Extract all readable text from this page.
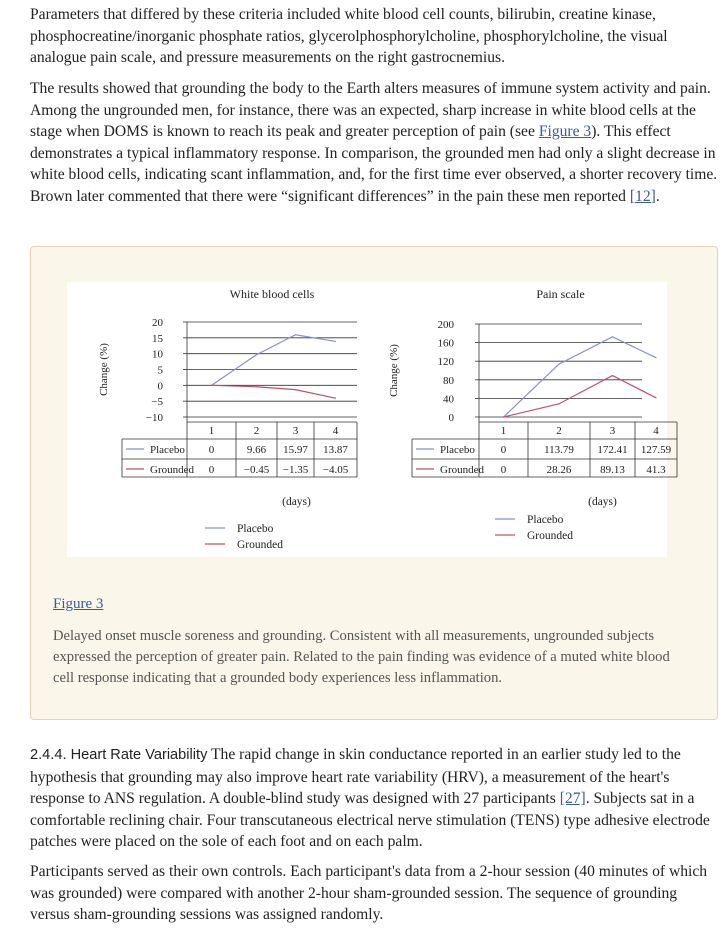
Parameters that differed by these criteria included white blood cell counts, bilirubin, creatine kinase, phosphocreatine/inorganic phosphate ratios, glycerolphosphorylcholine, phosphorylcholine, the visual analogue pain scale, and pressure measurements on the right gastrocnemius.

The results showed that grounding the body to the Earth alters measures of immune system activity and pain. Among the ungrounded men, for instance, there was an expected, sharp increase in white blood cells at the stage when DOMS is known to reach its peak and greater perception of pain (see Figure 3). This effect demonstrates a typical inflammatory response. In comparison, the grounded men had only a slight decrease in white blood cells, indicating scant inflammation, and, for the first time ever observed, a shorter recovery time. Brown later commented that there were “significant differences” in the pain these men reported [12].

White blood cells
Change (%)
20
15
10
5
0
−5
−10
1	2	3	4
Placebo 0	9.66 15.97 13.87
Grounded 0	−0.45 −1.35 −4.05
(days)
Placebo
Grounded
Pain scale
Change (%)
200
160
120
80
40
0
1	2	3	4
Placebo 0	113.79 172.41 127.59
Grounded 0	28.26	89.13 41.3
(days)
Placebo
Grounded
Figure 3

Delayed onset muscle soreness and grounding. Consistent with all measurements, ungrounded subjects expressed the perception of greater pain. Related to the pain finding was evidence of a muted white blood cell response indicating that a grounded body experiences less inflammation.

2.4.4. Heart Rate Variability The rapid change in skin conductance reported in an earlier study led to the hypothesis that grounding may also improve heart rate variability (HRV), a measurement of the heart's response to ANS regulation. A double-blind study was designed with 27 participants [27]. Subjects sat in a comfortable reclining chair. Four transcutaneous electrical nerve stimulation (TENS) type adhesive electrode patches were placed on the sole of each foot and on each palm.

Participants served as their own controls. Each participant's data from a 2-hour session (40 minutes of which was grounded) were compared with another 2-hour sham-grounded session. The sequence of grounding versus sham-grounding sessions was assigned randomly.
